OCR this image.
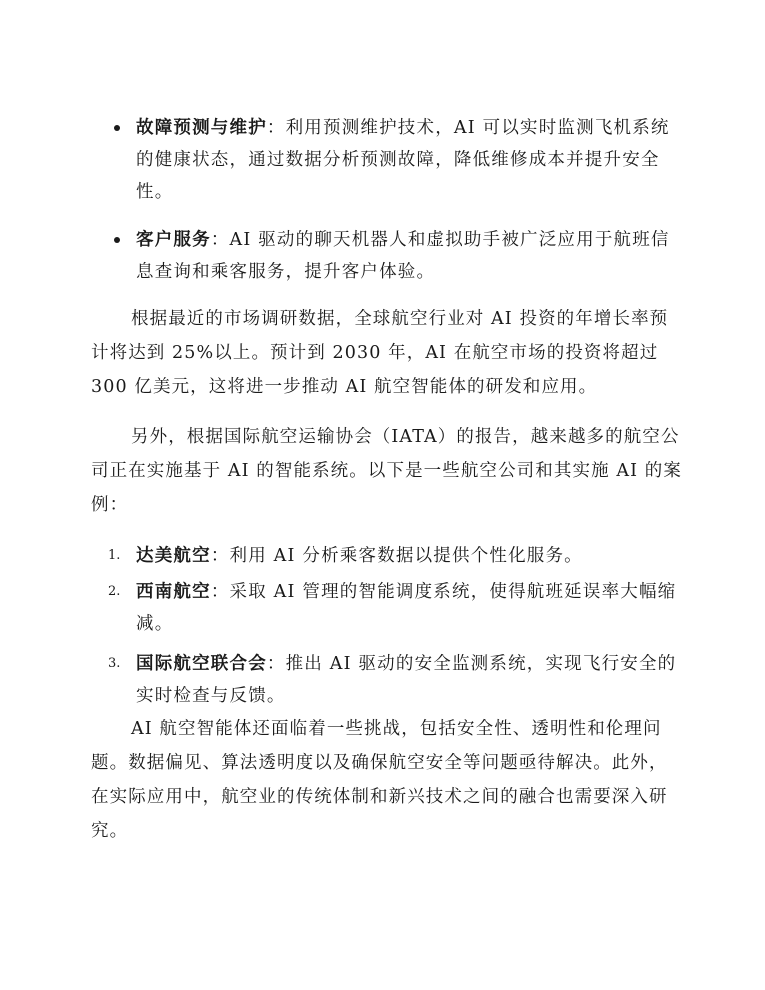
故障预测与维护：利用预测维护技术，AI 可以实时监测飞机系统的健康状态，通过数据分析预测故障，降低维修成本并提升安全性。
客户服务：AI 驱动的聊天机器人和虚拟助手被广泛应用于航班信息查询和乘客服务，提升客户体验。

根据最近的市场调研数据，全球航空行业对 AI 投资的年增长率预计将达到 25%以上。预计到 2030 年，AI 在航空市场的投资将超过 300 亿美元，这将进一步推动 AI 航空智能体的研发和应用。

另外，根据国际航空运输协会（IATA）的报告，越来越多的航空公司正在实施基于 AI 的智能系统。以下是一些航空公司和其实施 AI 的案例：

1. 达美航空：利用 AI 分析乘客数据以提供个性化服务。
2. 西南航空：采取 AI 管理的智能调度系统，使得航班延误率大幅缩减。
3. 国际航空联合会：推出 AI 驱动的安全监测系统，实现飞行安全的实时检查与反馈。

AI 航空智能体还面临着一些挑战，包括安全性、透明性和伦理问题。数据偏见、算法透明度以及确保航空安全等问题亟待解决。此外，在实际应用中，航空业的传统体制和新兴技术之间的融合也需要深入研究。
